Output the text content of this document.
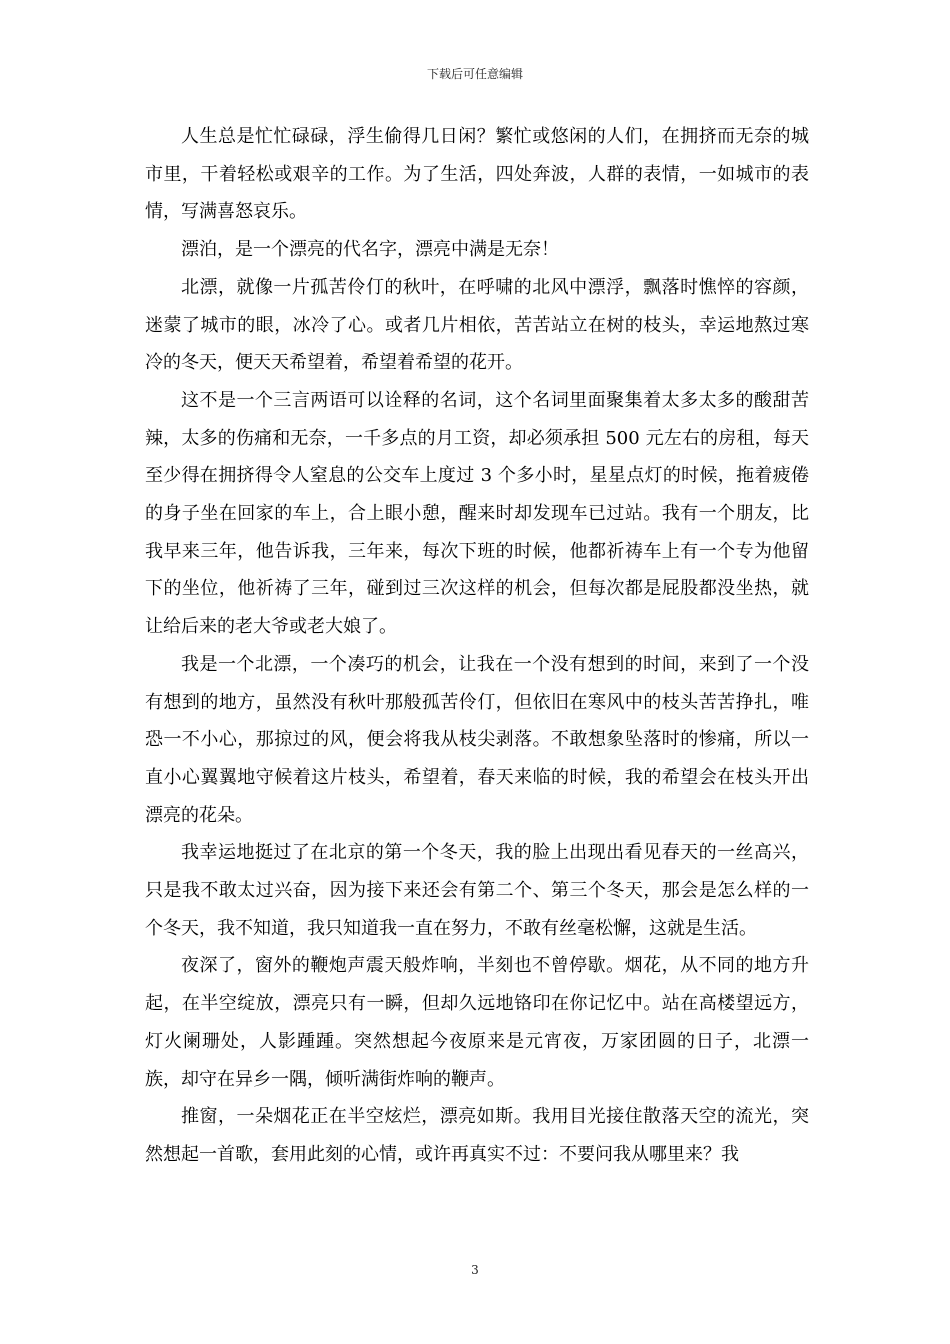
下载后可任意编辑

人生总是忙忙碌碌，浮生偷得几日闲？繁忙或悠闲的人们，在拥挤而无奈的城市里，干着轻松或艰辛的工作。为了生活，四处奔波，人群的表情，一如城市的表情，写满喜怒哀乐。

漂泊，是一个漂亮的代名字，漂亮中满是无奈！

北漂，就像一片孤苦伶仃的秋叶，在呼啸的北风中漂浮，飘落时憔悴的容颜，迷蒙了城市的眼，冰冷了心。或者几片相依，苦苦站立在树的枝头，幸运地熬过寒冷的冬天，便天天希望着，希望着希望的花开。

这不是一个三言两语可以诠释的名词，这个名词里面聚集着太多太多的酸甜苦辣，太多的伤痛和无奈，一千多点的月工资，却必须承担 500 元左右的房租，每天至少得在拥挤得令人窒息的公交车上度过 3 个多小时，星星点灯的时候，拖着疲倦的身子坐在回家的车上，合上眼小憩，醒来时却发现车已过站。我有一个朋友，比我早来三年，他告诉我，三年来，每次下班的时候，他都祈祷车上有一个专为他留下的坐位，他祈祷了三年，碰到过三次这样的机会，但每次都是屁股都没坐热，就让给后来的老大爷或老大娘了。

我是一个北漂，一个凑巧的机会，让我在一个没有想到的时间，来到了一个没有想到的地方，虽然没有秋叶那般孤苦伶仃，但依旧在寒风中的枝头苦苦挣扎，唯恐一不小心，那掠过的风，便会将我从枝尖剥落。不敢想象坠落时的惨痛，所以一直小心翼翼地守候着这片枝头，希望着，春天来临的时候，我的希望会在枝头开出漂亮的花朵。

我幸运地挺过了在北京的第一个冬天，我的脸上出现出看见春天的一丝高兴，只是我不敢太过兴奋，因为接下来还会有第二个、第三个冬天，那会是怎么样的一个冬天，我不知道，我只知道我一直在努力，不敢有丝毫松懈，这就是生活。

夜深了，窗外的鞭炮声震天般炸响，半刻也不曾停歇。烟花，从不同的地方升起，在半空绽放，漂亮只有一瞬，但却久远地铬印在你记忆中。站在高楼望远方，灯火阑珊处，人影踵踵。突然想起今夜原来是元宵夜，万家团圆的日子，北漂一族，却守在异乡一隅，倾听满街炸响的鞭声。

推窗，一朵烟花正在半空炫烂，漂亮如斯。我用目光接住散落天空的流光，突然想起一首歌，套用此刻的心情，或许再真实不过：不要问我从哪里来？我

3
